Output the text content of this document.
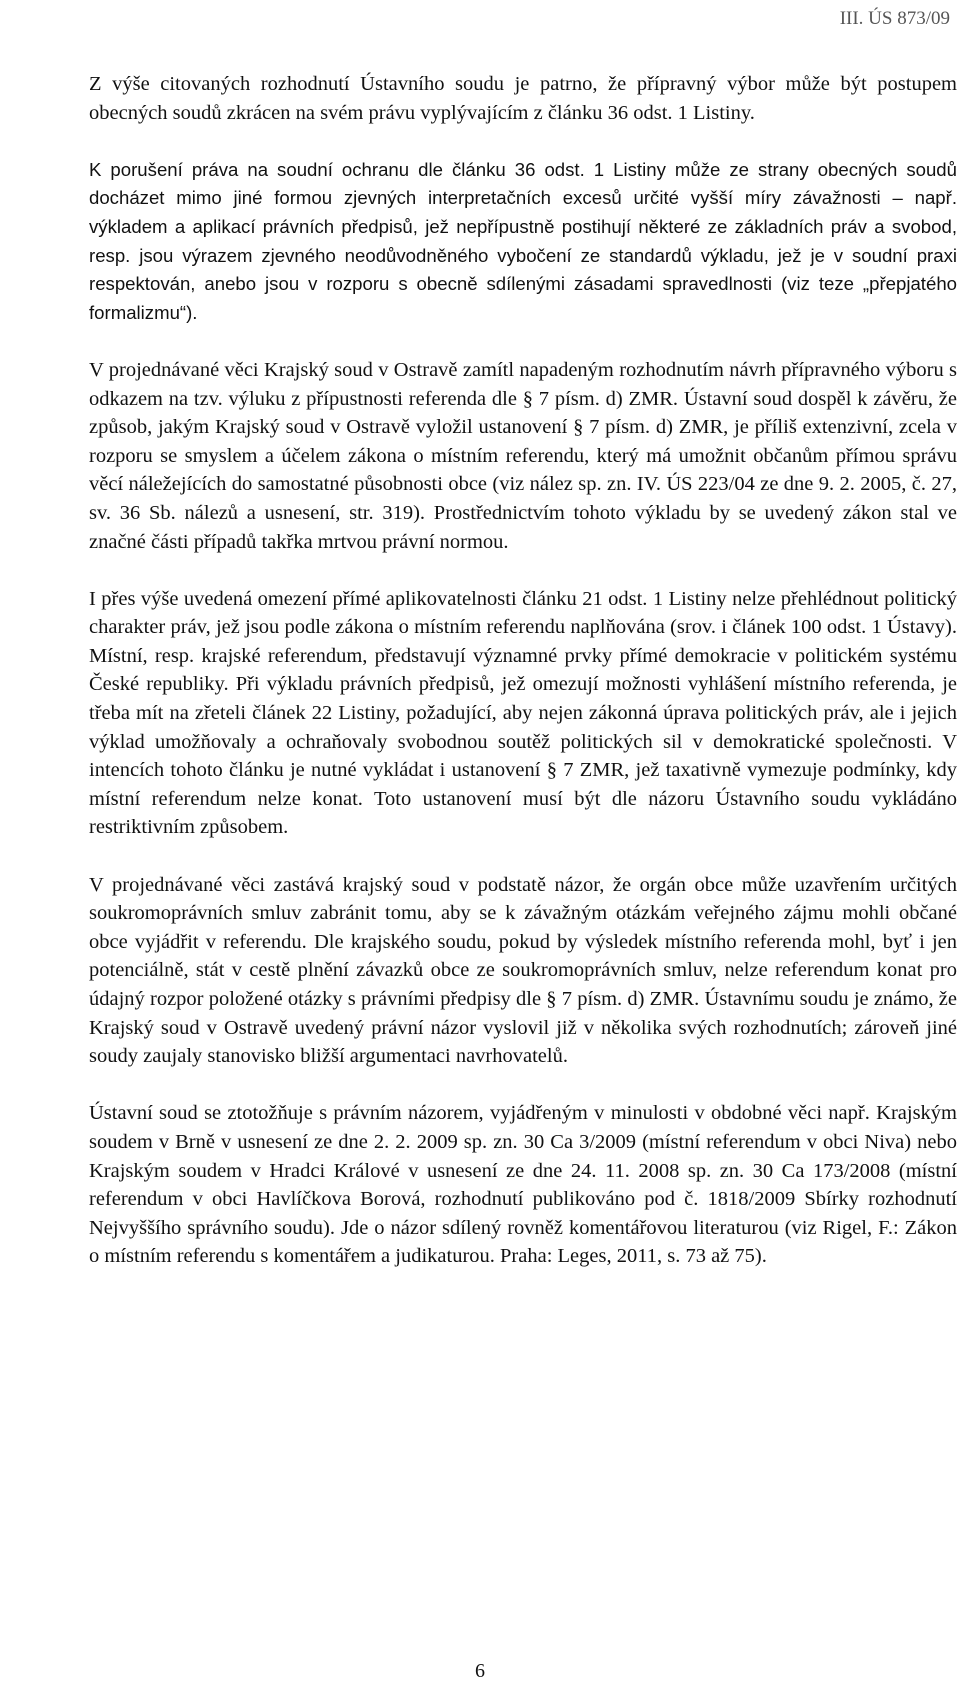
III. ÚS 873/09

Z výše citovaných rozhodnutí Ústavního soudu je patrno, že přípravný výbor může být postupem obecných soudů zkrácen na svém právu vyplývajícím z článku 36 odst. 1 Listiny.

K porušení práva na soudní ochranu dle článku 36 odst. 1 Listiny může ze strany obecných soudů docházet mimo jiné formou zjevných interpretačních excesů určité vyšší míry závažnosti – např. výkladem a aplikací právních předpisů, jež nepřípustně postihují některé ze základních práv a svobod, resp. jsou výrazem zjevného neodůvodněného vybočení ze standardů výkladu, jež je v soudní praxi respektován, anebo jsou v rozporu s obecně sdílenými zásadami spravedlnosti (viz teze „přepjatého formalizmu“).

V projednávané věci Krajský soud v Ostravě zamítl napadeným rozhodnutím návrh přípravného výboru s odkazem na tzv. výluku z přípustnosti referenda dle § 7 písm. d) ZMR. Ústavní soud dospěl k závěru, že způsob, jakým Krajský soud v Ostravě vyložil ustanovení § 7 písm. d) ZMR, je příliš extenzivní, zcela v rozporu se smyslem a účelem zákona o místním referendu, který má umožnit občanům přímou správu věcí náležejících do samostatné působnosti obce (viz nález sp. zn. IV. ÚS 223/04 ze dne 9. 2. 2005, č. 27, sv. 36 Sb. nálezů a usnesení, str. 319). Prostřednictvím tohoto výkladu by se uvedený zákon stal ve značné části případů takřka mrtvou právní normou.

I přes výše uvedená omezení přímé aplikovatelnosti článku 21 odst. 1 Listiny nelze přehlédnout politický charakter práv, jež jsou podle zákona o místním referendu naplňována (srov. i článek 100 odst. 1 Ústavy). Místní, resp. krajské referendum, představují významné prvky přímé demokracie v politickém systému České republiky. Při výkladu právních předpisů, jež omezují možnosti vyhlášení místního referenda, je třeba mít na zřeteli článek 22 Listiny, požadující, aby nejen zákonná úprava politických práv, ale i jejich výklad umožňovaly a ochraňovaly svobodnou soutěž politických sil v demokratické společnosti. V intencích tohoto článku je nutné vykládat i ustanovení § 7 ZMR, jež taxativně vymezuje podmínky, kdy místní referendum nelze konat. Toto ustanovení musí být dle názoru Ústavního soudu vykládáno restriktivním způsobem.

V projednávané věci zastává krajský soud v podstatě názor, že orgán obce může uzavřením určitých soukromoprávních smluv zabránit tomu, aby se k závažným otázkám veřejného zájmu mohli občané obce vyjádřit v referendu. Dle krajského soudu, pokud by výsledek místního referenda mohl, byť i jen potenciálně, stát v cestě plnění závazků obce ze soukromoprávních smluv, nelze referendum konat pro údajný rozpor položené otázky s právními předpisy dle § 7 písm. d) ZMR. Ústavnímu soudu je známo, že Krajský soud v Ostravě uvedený právní názor vyslovil již v několika svých rozhodnutích; zároveň jiné soudy zaujaly stanovisko bližší argumentaci navrhovatelů.

Ústavní soud se ztotožňuje s právním názorem, vyjádřeným v minulosti v obdobné věci např. Krajským soudem v Brně v usnesení ze dne 2. 2. 2009 sp. zn. 30 Ca 3/2009 (místní referendum v obci Niva) nebo Krajským soudem v Hradci Králové v usnesení ze dne 24. 11. 2008 sp. zn. 30 Ca 173/2008 (místní referendum v obci Havlíčkova Borová, rozhodnutí publikováno pod č. 1818/2009 Sbírky rozhodnutí Nejvyššího správního soudu). Jde o názor sdílený rovněž komentářovou literaturou (viz Rigel, F.: Zákon o místním referendu s komentářem a judikaturou. Praha: Leges, 2011, s. 73 až 75).

6
